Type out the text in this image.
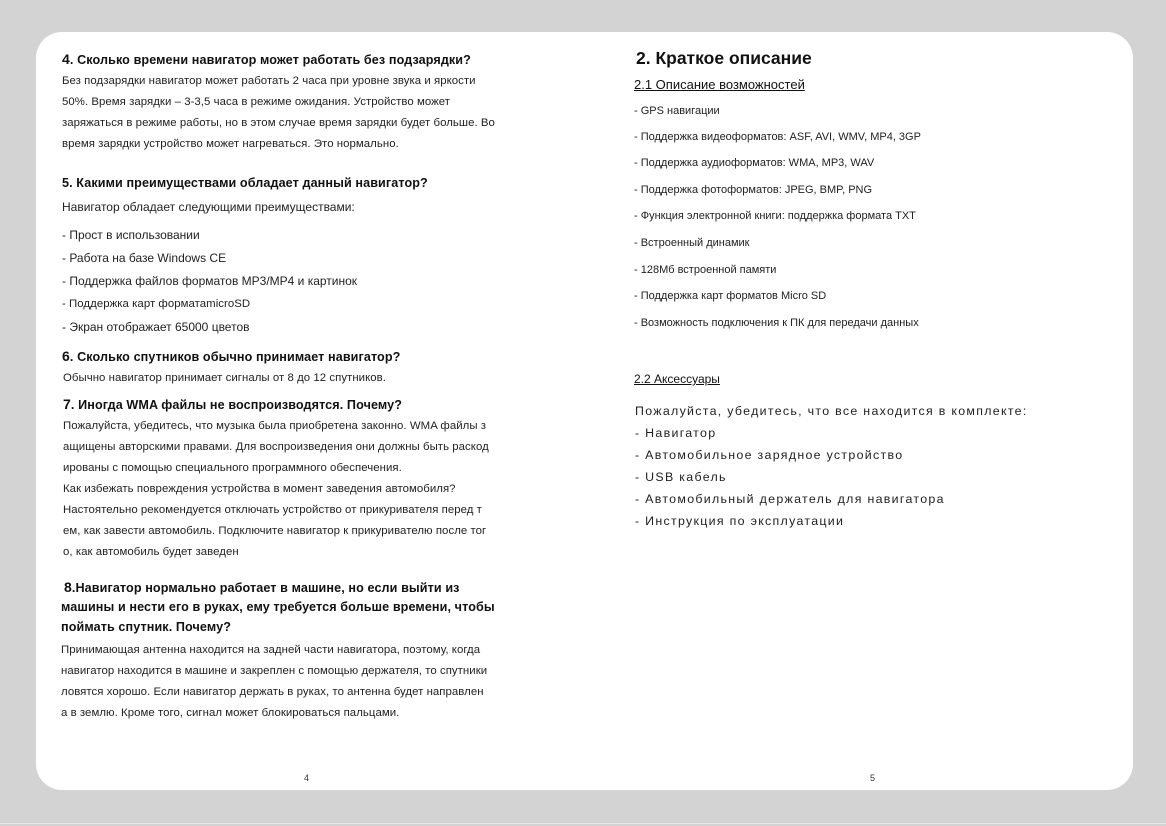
4. Сколько времени навигатор может работать без подзарядки?
Без подзарядки навигатор может работать 2 часа при уровне звука и яркости
50%. Время зарядки – 3-3,5 часа в режиме ожидания. Устройство может
заряжаться в режиме работы, но в этом случае время зарядки будет больше. Во
время зарядки устройство может нагреваться. Это нормально.
5. Какими преимуществами обладает данный навигатор?
Навигатор обладает следующими преимуществами:
- Прост в использовании
- Работа на базе Windows CE
- Поддержка файлов форматов MP3/MP4 и картинок
- Поддержка карт форматаmicroSD
- Экран отображает 65000 цветов
6. Сколько спутников обычно принимает навигатор?
Обычно навигатор принимает сигналы от 8 до 12 спутников.
7. Иногда WMA файлы не воспроизводятся. Почему?
Пожалуйста, убедитесь, что музыка была приобретена законно. WMA файлы з
ащищены авторскими правами. Для воспроизведения они должны быть раскод
ированы с помощью специального программного обеспечения.
Как избежать повреждения устройства в момент заведения автомобиля?
Настоятельно рекомендуется отключать устройство от прикуривателя перед т
ем, как завести автомобиль. Подключите навигатор к прикуривателю после тог
о, как автомобиль будет заведен
8.Навигатор нормально работает в машине, но если выйти из
машины и нести его в руках, ему требуется больше времени, чтобы
поймать спутник. Почему?
Принимающая антенна находится на задней части навигатора, поэтому, когда
навигатор находится в машине и закреплен с помощью держателя, то спутники
ловятся хорошо. Если навигатор держать в руках, то антенна будет направлен
а в землю. Кроме того, сигнал может блокироваться пальцами.
4
2. Краткое описание
2.1 Описание возможностей
- GPS навигации
- Поддержка видеоформатов: ASF, AVI, WMV, MP4, 3GP
- Поддержка аудиоформатов: WMA, MP3, WAV
- Поддержка фотоформатов: JPEG, BMP, PNG
- Функция электронной книги: поддержка формата TXT
- Встроенный динамик
- 128Мб встроенной памяти
- Поддержка карт форматов Micro SD
- Возможность подключения к ПК для передачи данных
2.2 Аксессуары
Пожалуйста, убедитесь, что все находится в комплекте:
- Навигатор
- Автомобильное зарядное устройство
- USB кабель
- Автомобильный держатель для навигатора
- Инструкция по эксплуатации
5
